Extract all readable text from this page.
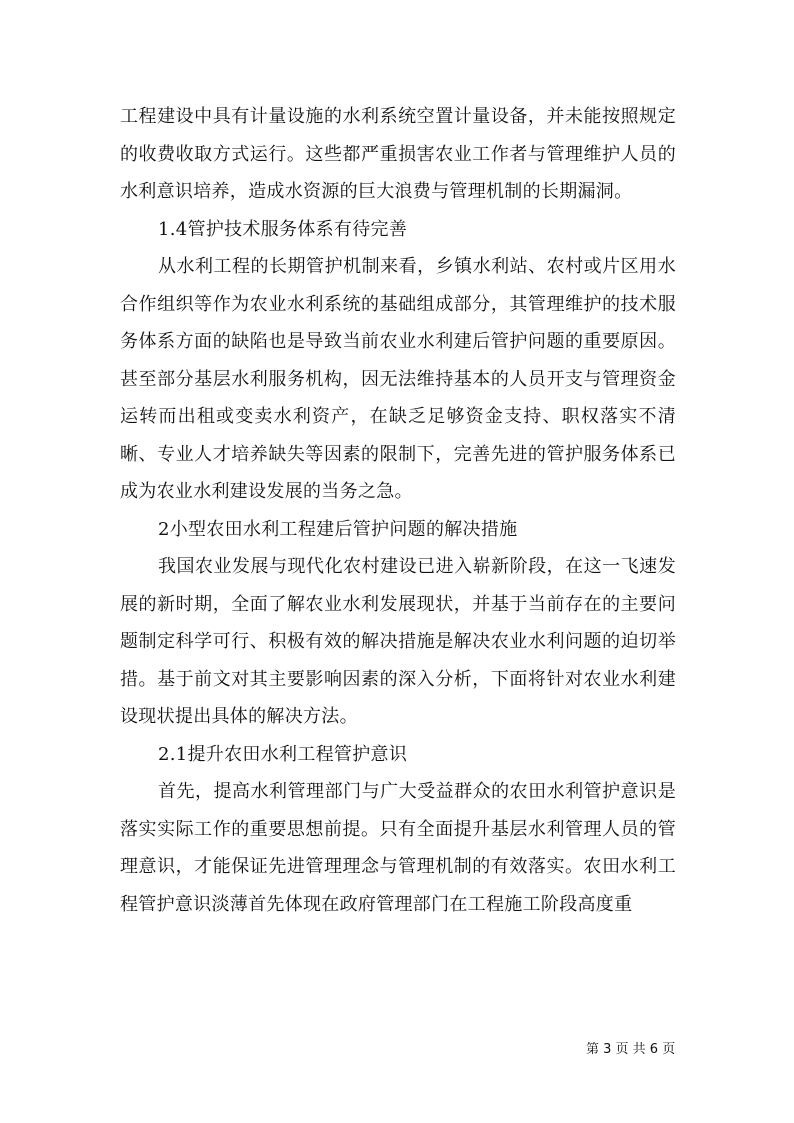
工程建设中具有计量设施的水利系统空置计量设备，并未能按照规定的收费收取方式运行。这些都严重损害农业工作者与管理维护人员的水利意识培养，造成水资源的巨大浪费与管理机制的长期漏洞。

1.4管护技术服务体系有待完善

从水利工程的长期管护机制来看，乡镇水利站、农村或片区用水合作组织等作为农业水利系统的基础组成部分，其管理维护的技术服务体系方面的缺陷也是导致当前农业水利建后管护问题的重要原因。甚至部分基层水利服务机构，因无法维持基本的人员开支与管理资金运转而出租或变卖水利资产，在缺乏足够资金支持、职权落实不清晰、专业人才培养缺失等因素的限制下，完善先进的管护服务体系已成为农业水利建设发展的当务之急。

2小型农田水利工程建后管护问题的解决措施

我国农业发展与现代化农村建设已进入崭新阶段，在这一飞速发展的新时期，全面了解农业水利发展现状，并基于当前存在的主要问题制定科学可行、积极有效的解决措施是解决农业水利问题的迫切举措。基于前文对其主要影响因素的深入分析，下面将针对农业水利建设现状提出具体的解决方法。

2.1提升农田水利工程管护意识

首先，提高水利管理部门与广大受益群众的农田水利管护意识是落实实际工作的重要思想前提。只有全面提升基层水利管理人员的管理意识，才能保证先进管理理念与管理机制的有效落实。农田水利工程管护意识淡薄首先体现在政府管理部门在工程施工阶段高度重

第 3 页 共 6 页
